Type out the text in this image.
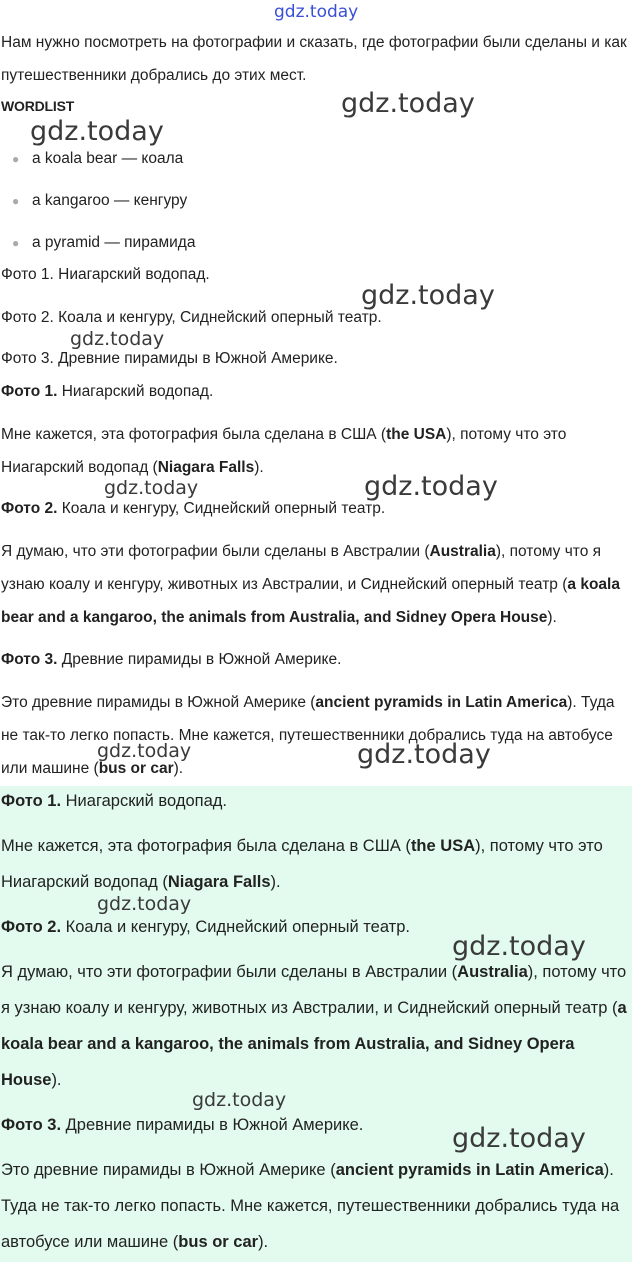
gdz.today

Нам нужно посмотреть на фотографии и сказать, где фотографии были сделаны и как путешественники добрались до этих мест.

WORDLIST
● a koala bear — коала
● a kangaroo — кенгуру
● a pyramid — пирамида
Фото 1. Ниагарский водопад.
Фото 2. Коала и кенгуру, Сиднейский оперный театр.
Фото 3. Древние пирамиды в Южной Америке.
Фото 1. Ниагарский водопад.

Мне кажется, эта фотография была сделана в США (the USA), потому что это Ниагарский водопад (Niagara Falls).

Фото 2. Коала и кенгуру, Сиднейский оперный театр.

Я думаю, что эти фотографии были сделаны в Австралии (Australia), потому что я узнаю коалу и кенгуру, животных из Австралии, и Сиднейский оперный театр (a koala bear and a kangaroo, the animals from Australia, and Sidney Opera House).

Фото 3. Древние пирамиды в Южной Америке.

Это древние пирамиды в Южной Америке (ancient pyramids in Latin America). Туда не так-то легко попасть. Мне кажется, путешественники добрались туда на автобусе или машине (bus or car).

Фото 1. Ниагарский водопад.

Мне кажется, эта фотография была сделана в США (the USA), потому что это Ниагарский водопад (Niagara Falls).

Фото 2. Коала и кенгуру, Сиднейский оперный театр.

Я думаю, что эти фотографии были сделаны в Австралии (Australia), потому что я узнаю коалу и кенгуру, животных из Австралии, и Сиднейский оперный театр (a koala bear and a kangaroo, the animals from Australia, and Sidney Opera House).

Фото 3. Древние пирамиды в Южной Америке.

Это древние пирамиды в Южной Америке (ancient pyramids in Latin America). Туда не так-то легко попасть. Мне кажется, путешественники добрались туда на автобусе или машине (bus or car).

gdz.today
gdz.today
gdz.today
gdz.today
gdz.today	gdz.today
gdz.today	gdz.today
gdz.today
gdz.today
gdz.today
gdz.today
